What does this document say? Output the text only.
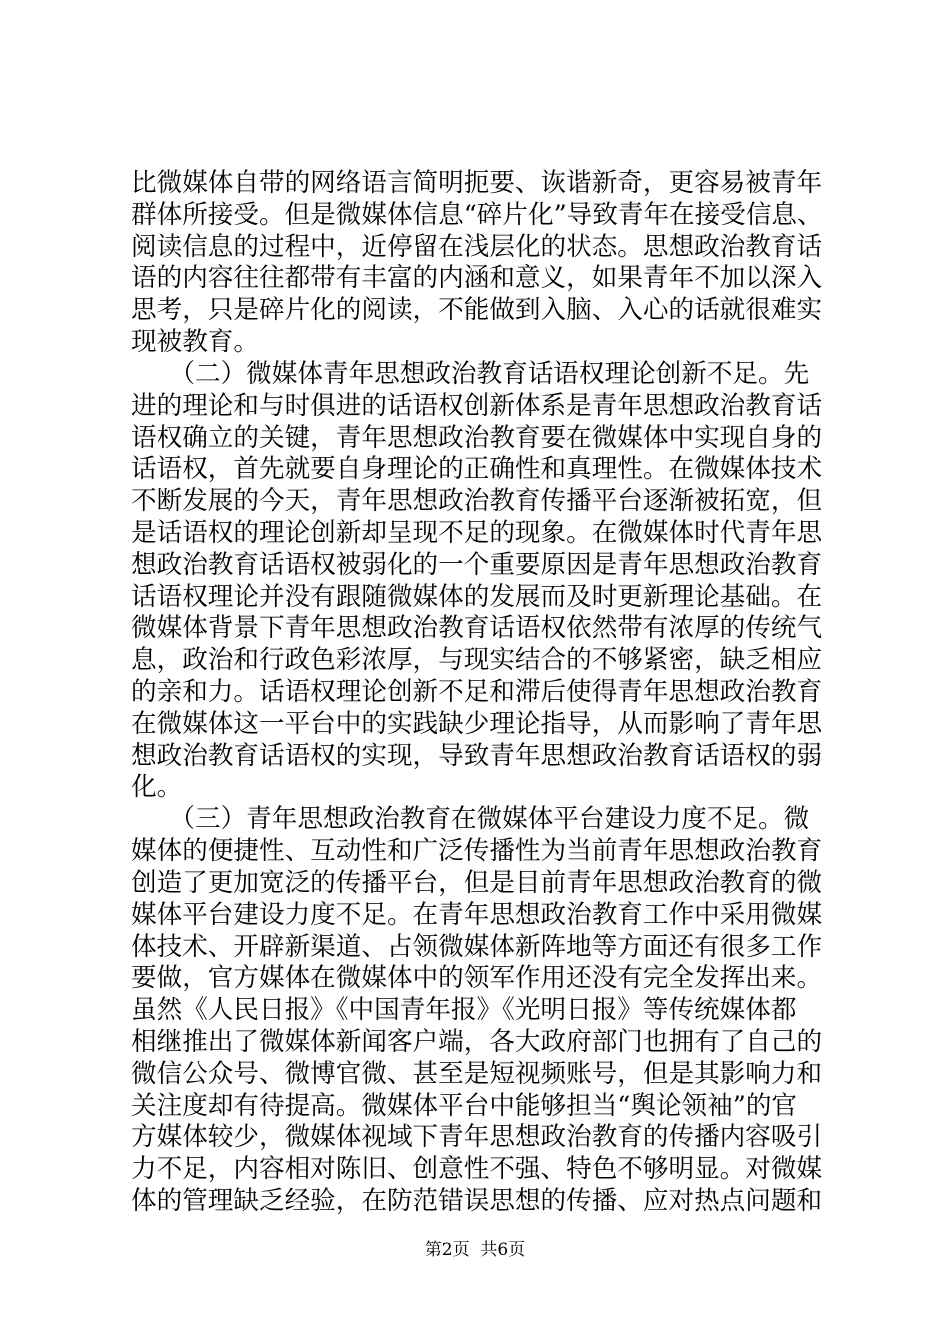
比微媒体自带的网络语言简明扼要、诙谐新奇，更容易被青年
群体所接受。但是微媒体信息“碎片化”导致青年在接受信息、
阅读信息的过程中，近停留在浅层化的状态。思想政治教育话
语的内容往往都带有丰富的内涵和意义，如果青年不加以深入
思考，只是碎片化的阅读，不能做到入脑、入心的话就很难实
现被教育。
　　（二）微媒体青年思想政治教育话语权理论创新不足。先
进的理论和与时俱进的话语权创新体系是青年思想政治教育话
语权确立的关键，青年思想政治教育要在微媒体中实现自身的
话语权，首先就要自身理论的正确性和真理性。在微媒体技术
不断发展的今天，青年思想政治教育传播平台逐渐被拓宽，但
是话语权的理论创新却呈现不足的现象。在微媒体时代青年思
想政治教育话语权被弱化的一个重要原因是青年思想政治教育
话语权理论并没有跟随微媒体的发展而及时更新理论基础。在
微媒体背景下青年思想政治教育话语权依然带有浓厚的传统气
息，政治和行政色彩浓厚，与现实结合的不够紧密，缺乏相应
的亲和力。话语权理论创新不足和滞后使得青年思想政治教育
在微媒体这一平台中的实践缺少理论指导，从而影响了青年思
想政治教育话语权的实现，导致青年思想政治教育话语权的弱
化。
　　（三）青年思想政治教育在微媒体平台建设力度不足。微
媒体的便捷性、互动性和广泛传播性为当前青年思想政治教育
创造了更加宽泛的传播平台，但是目前青年思想政治教育的微
媒体平台建设力度不足。在青年思想政治教育工作中采用微媒
体技术、开辟新渠道、占领微媒体新阵地等方面还有很多工作
要做，官方媒体在微媒体中的领军作用还没有完全发挥出来。
虽然《人民日报》《中国青年报》《光明日报》等传统媒体都
相继推出了微媒体新闻客户端，各大政府部门也拥有了自己的
微信公众号、微博官微、甚至是短视频账号，但是其影响力和
关注度却有待提高。微媒体平台中能够担当“舆论领袖”的官
方媒体较少，微媒体视域下青年思想政治教育的传播内容吸引
力不足，内容相对陈旧、创意性不强、特色不够明显。对微媒
体的管理缺乏经验，在防范错误思想的传播、应对热点问题和
第2页  共6页
